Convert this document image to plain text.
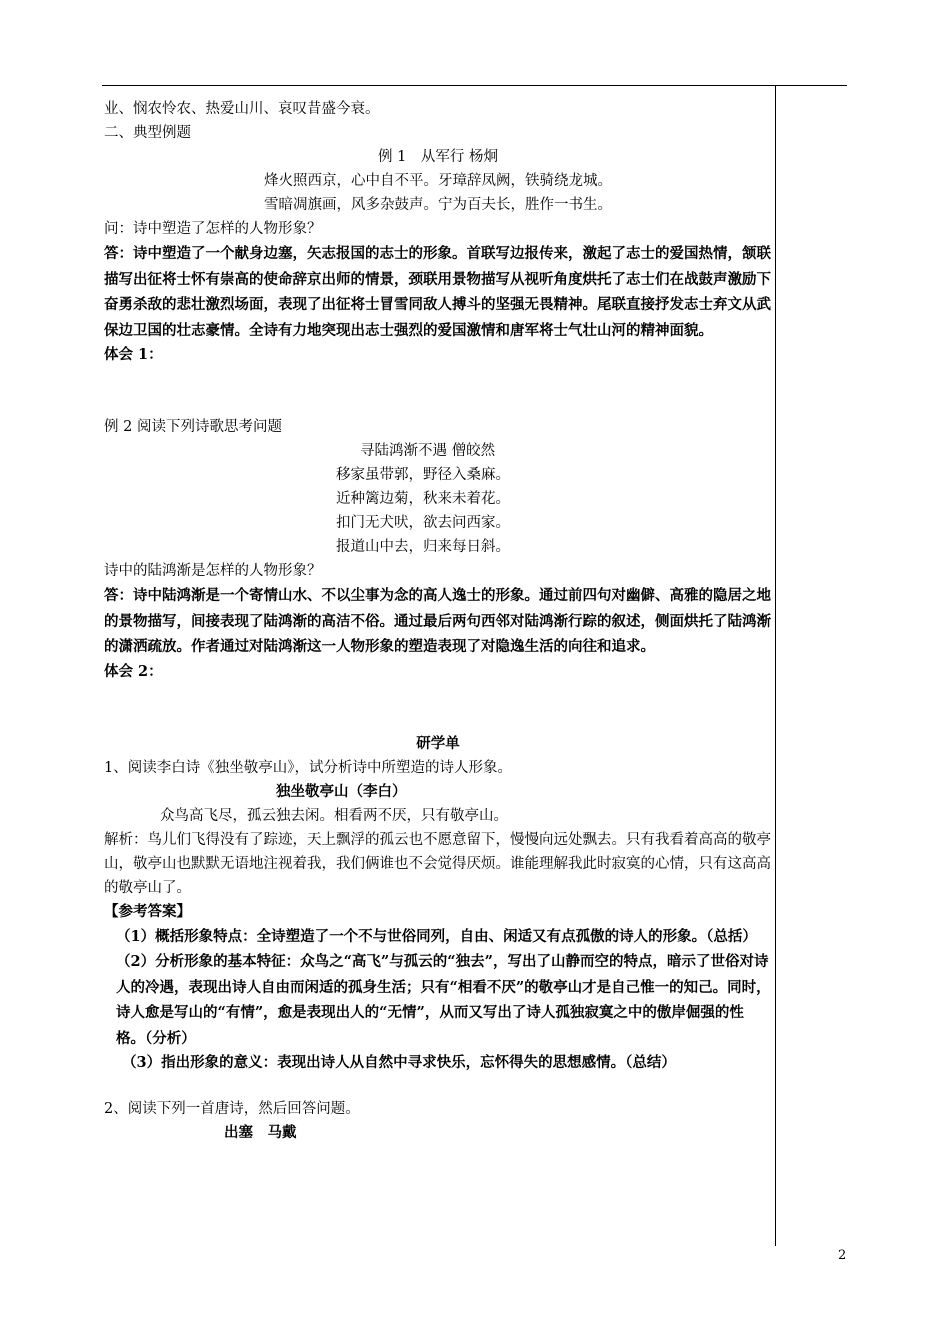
业、悯农怜农、热爱山川、哀叹昔盛今衰。

二、典型例题

例 1　从军行 杨炯

烽火照西京，心中自不平。牙璋辞凤阙，铁骑绕龙城。

雪暗凋旗画，风多杂鼓声。宁为百夫长，胜作一书生。

问：诗中塑造了怎样的人物形象？

答：诗中塑造了一个献身边塞，矢志报国的志士的形象。首联写边报传来，激起了志士的爱国热情，颔联描写出征将士怀有崇高的使命辞京出师的情景，颈联用景物描写从视听角度烘托了志士们在战鼓声激励下奋勇杀敌的悲壮激烈场面，表现了出征将士冒雪同敌人搏斗的坚强无畏精神。尾联直接抒发志士弃文从武保边卫国的壮志豪情。全诗有力地突现出志士强烈的爱国激情和唐军将士气壮山河的精神面貌。

体会 1：

例 2 阅读下列诗歌思考问题

寻陆鸿渐不遇 僧皎然

移家虽带郭，野径入桑麻。

近种篱边菊，秋来未着花。

扣门无犬吠，欲去问西家。

报道山中去，归来每日斜。

诗中的陆鸿渐是怎样的人物形象？

答：诗中陆鸿渐是一个寄情山水、不以尘事为念的高人逸士的形象。通过前四句对幽僻、高雅的隐居之地的景物描写，间接表现了陆鸿渐的高洁不俗。通过最后两句西邻对陆鸿渐行踪的叙述，侧面烘托了陆鸿渐的潇洒疏放。作者通过对陆鸿渐这一人物形象的塑造表现了对隐逸生活的向往和追求。

体会 2：

研学单

1、阅读李白诗《独坐敬亭山》，试分析诗中所塑造的诗人形象。

独坐敬亭山（李白）

众鸟高飞尽，孤云独去闲。相看两不厌，只有敬亭山。

解析：鸟儿们飞得没有了踪迹，天上飘浮的孤云也不愿意留下，慢慢向远处飘去。只有我看着高高的敬亭山，敬亭山也默默无语地注视着我，我们俩谁也不会觉得厌烦。谁能理解我此时寂寞的心情，只有这高高的敬亭山了。

【参考答案】

（1）概括形象特点：全诗塑造了一个不与世俗同列，自由、闲适又有点孤傲的诗人的形象。（总括）

（2）分析形象的基本特征：众鸟之“高飞”与孤云的“独去”，写出了山静而空的特点，暗示了世俗对诗人的冷遇，表现出诗人自由而闲适的孤身生活；只有“相看不厌”的敬亭山才是自己惟一的知己。同时，诗人愈是写山的“有情”，愈是表现出人的“无情”，从而又写出了诗人孤独寂寞之中的傲岸倔强的性格。（分析）

（3）指出形象的意义：表现出诗人从自然中寻求快乐，忘怀得失的思想感情。（总结）

2、阅读下列一首唐诗，然后回答问题。

出塞　马戴

2
